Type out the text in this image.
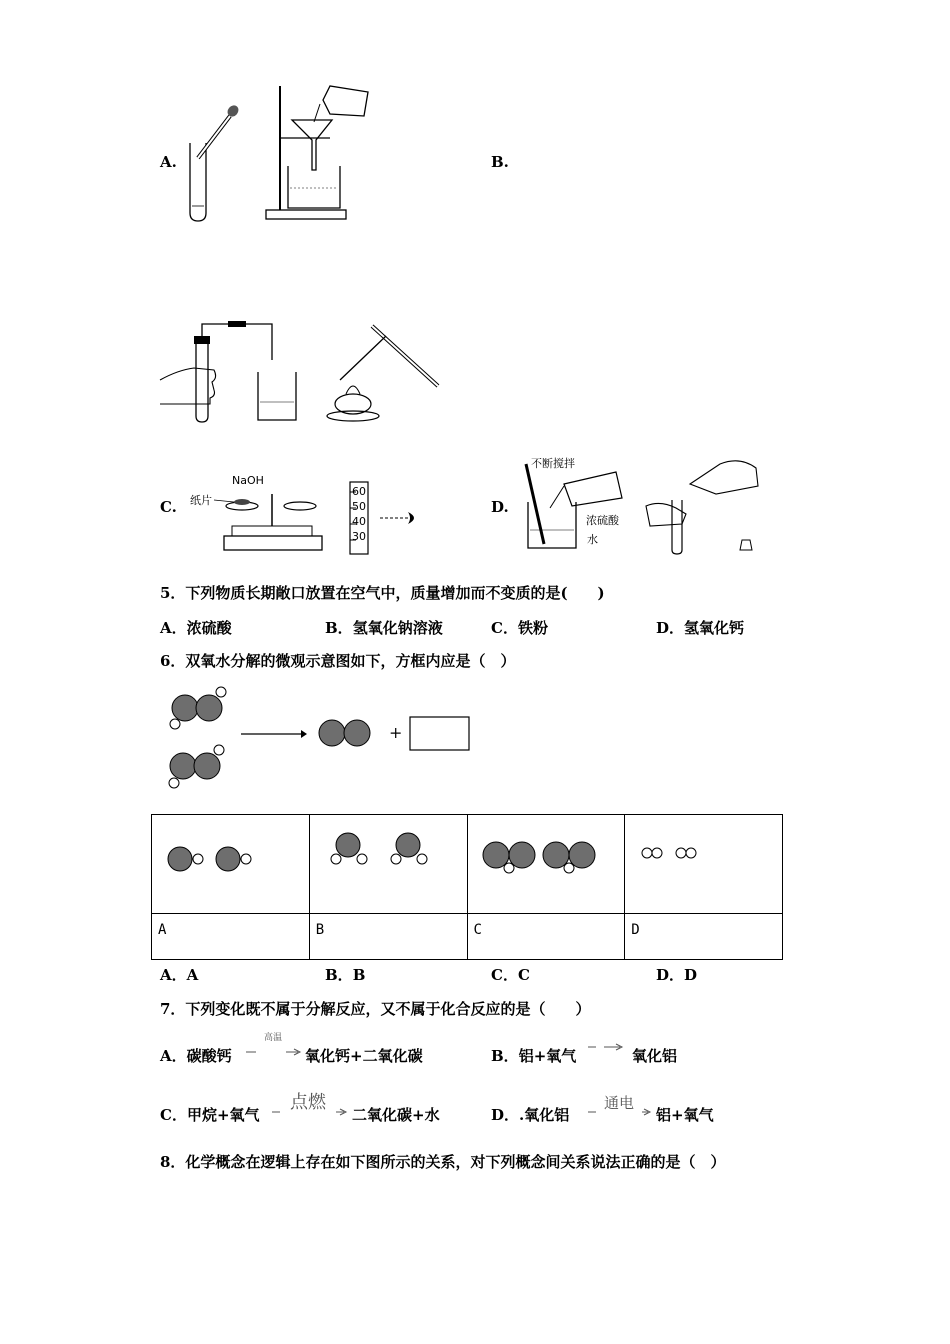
A.	B.
C.
NaOH
纸片
60
50
40
30
D.
不断搅拌
浓硫酸
水
5．下列物质长期敞口放置在空气中，质量增加而不变质的是(　　)
A．浓硫酸	B．氢氧化钠溶液	C．铁粉	D．氢氧化钙
6．双氧水分解的微观示意图如下，方框内应是（　）
+

A	B	C	D
A．A	B．B	C．C	D．D
7．下列变化既不属于分解反应，又不属于化合反应的是（　　）
A．碳酸钙
高温
氧化钙+二氧化碳	B．铝+氧气	氧化铝
C．甲烷+氧气
点燃
二氧化碳+水	D．.氧化铝
通电
铝+氧气
8．化学概念在逻辑上存在如下图所示的关系，对下列概念间关系说法正确的是（　）
